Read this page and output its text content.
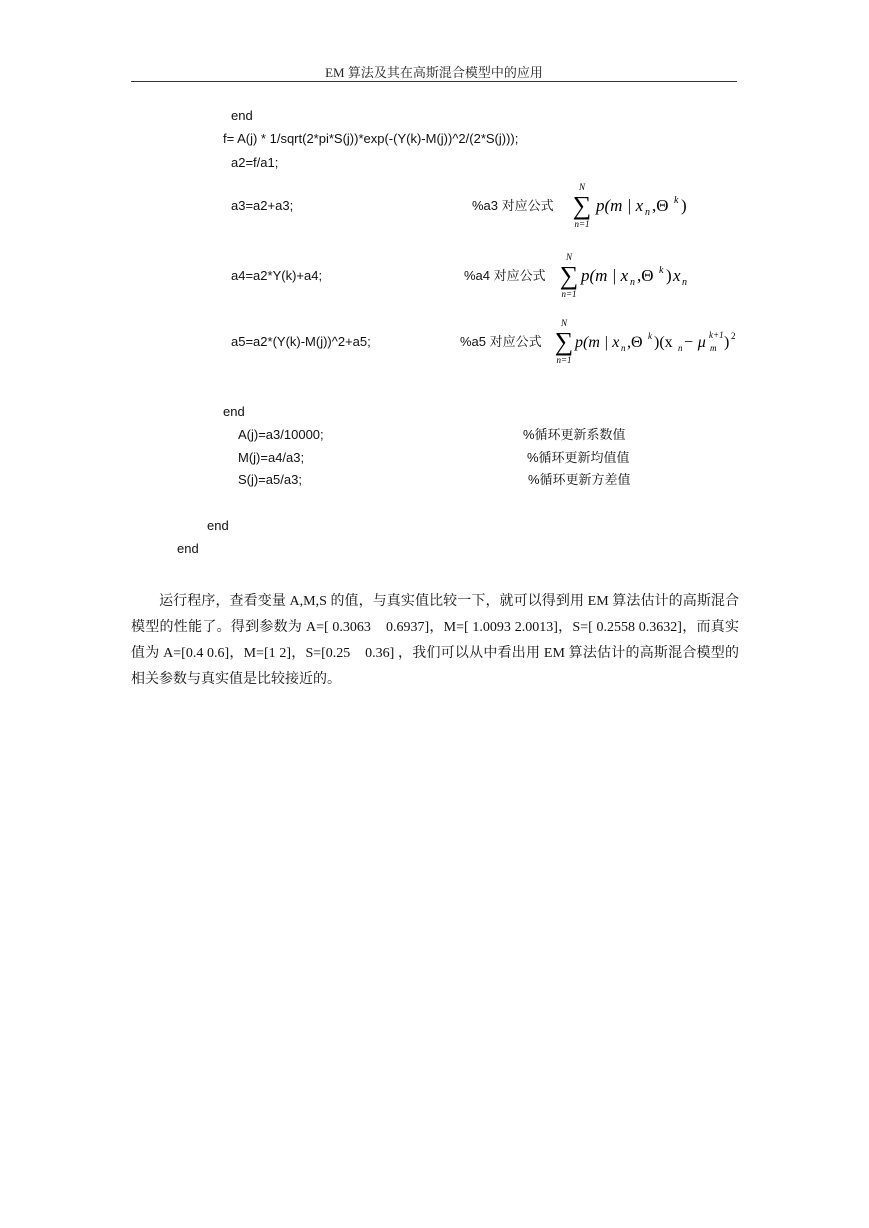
EM 算法及其在高斯混合模型中的应用
end
f= A(j) * 1/sqrt(2*pi*S(j))*exp(-(Y(k)-M(j))^2/(2*S(j)));
a2=f/a1;
a3=a2+a3;	%a3 对应公式
N
∑
n=1
p(m | x n ,Θ k )
a4=a2*Y(k)+a4;	%a4 对应公式
N
∑
n=1
p(m | x n ,Θ k ) x n
a5=a2*(Y(k)-M(j))^2+a5;	%a5 对应公式
N
∑
n=1
p(m | x n ,Θ k )(x n − μ m
k+1 ) 2
end
A(j)=a3/10000;	%循环更新系数值
M(j)=a4/a3;	%循环更新均值值
S(j)=a5/a3;	%循环更新方差值
end
end
运行程序，查看变量 A,M,S 的值，与真实值比较一下，就可以得到用 EM 算法估计的高斯混合模型的性能了。得到参数为 A=[ 0.3063    0.6937]，M=[ 1.0093 2.0013]，S=[ 0.2558 0.3632]，而真实值为 A=[0.4 0.6]，M=[1 2]，S=[0.25    0.36] ，我们可以从中看出用 EM 算法估计的高斯混合模型的相关参数与真实值是比较接近的。
